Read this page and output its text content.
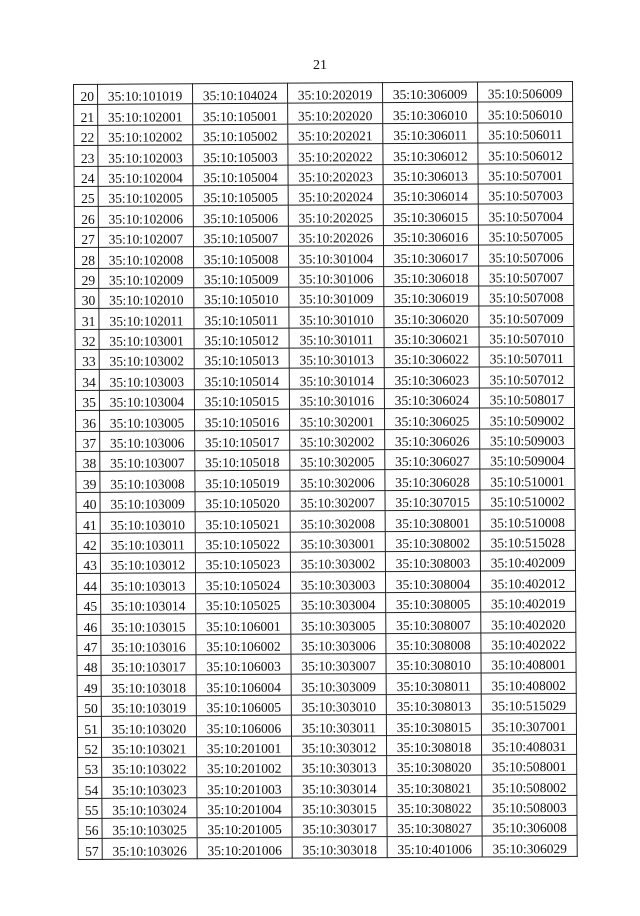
21
20	35:10:101019	35:10:104024	35:10:202019	35:10:306009	35:10:506009
21	35:10:102001	35:10:105001	35:10:202020	35:10:306010	35:10:506010
22	35:10:102002	35:10:105002	35:10:202021	35:10:306011	35:10:506011
23	35:10:102003	35:10:105003	35:10:202022	35:10:306012	35:10:506012
24	35:10:102004	35:10:105004	35:10:202023	35:10:306013	35:10:507001
25	35:10:102005	35:10:105005	35:10:202024	35:10:306014	35:10:507003
26	35:10:102006	35:10:105006	35:10:202025	35:10:306015	35:10:507004
27	35:10:102007	35:10:105007	35:10:202026	35:10:306016	35:10:507005
28	35:10:102008	35:10:105008	35:10:301004	35:10:306017	35:10:507006
29	35:10:102009	35:10:105009	35:10:301006	35:10:306018	35:10:507007
30	35:10:102010	35:10:105010	35:10:301009	35:10:306019	35:10:507008
31	35:10:102011	35:10:105011	35:10:301010	35:10:306020	35:10:507009
32	35:10:103001	35:10:105012	35:10:301011	35:10:306021	35:10:507010
33	35:10:103002	35:10:105013	35:10:301013	35:10:306022	35:10:507011
34	35:10:103003	35:10:105014	35:10:301014	35:10:306023	35:10:507012
35	35:10:103004	35:10:105015	35:10:301016	35:10:306024	35:10:508017
36	35:10:103005	35:10:105016	35:10:302001	35:10:306025	35:10:509002
37	35:10:103006	35:10:105017	35:10:302002	35:10:306026	35:10:509003
38	35:10:103007	35:10:105018	35:10:302005	35:10:306027	35:10:509004
39	35:10:103008	35:10:105019	35:10:302006	35:10:306028	35:10:510001
40	35:10:103009	35:10:105020	35:10:302007	35:10:307015	35:10:510002
41	35:10:103010	35:10:105021	35:10:302008	35:10:308001	35:10:510008
42	35:10:103011	35:10:105022	35:10:303001	35:10:308002	35:10:515028
43	35:10:103012	35:10:105023	35:10:303002	35:10:308003	35:10:402009
44	35:10:103013	35:10:105024	35:10:303003	35:10:308004	35:10:402012
45	35:10:103014	35:10:105025	35:10:303004	35:10:308005	35:10:402019
46	35:10:103015	35:10:106001	35:10:303005	35:10:308007	35:10:402020
47	35:10:103016	35:10:106002	35:10:303006	35:10:308008	35:10:402022
48	35:10:103017	35:10:106003	35:10:303007	35:10:308010	35:10:408001
49	35:10:103018	35:10:106004	35:10:303009	35:10:308011	35:10:408002
50	35:10:103019	35:10:106005	35:10:303010	35:10:308013	35:10:515029
51	35:10:103020	35:10:106006	35:10:303011	35:10:308015	35:10:307001
52	35:10:103021	35:10:201001	35:10:303012	35:10:308018	35:10:408031
53	35:10:103022	35:10:201002	35:10:303013	35:10:308020	35:10:508001
54	35:10:103023	35:10:201003	35:10:303014	35:10:308021	35:10:508002
55	35:10:103024	35:10:201004	35:10:303015	35:10:308022	35:10:508003
56	35:10:103025	35:10:201005	35:10:303017	35:10:308027	35:10:306008
57	35:10:103026	35:10:201006	35:10:303018	35:10:401006	35:10:306029
